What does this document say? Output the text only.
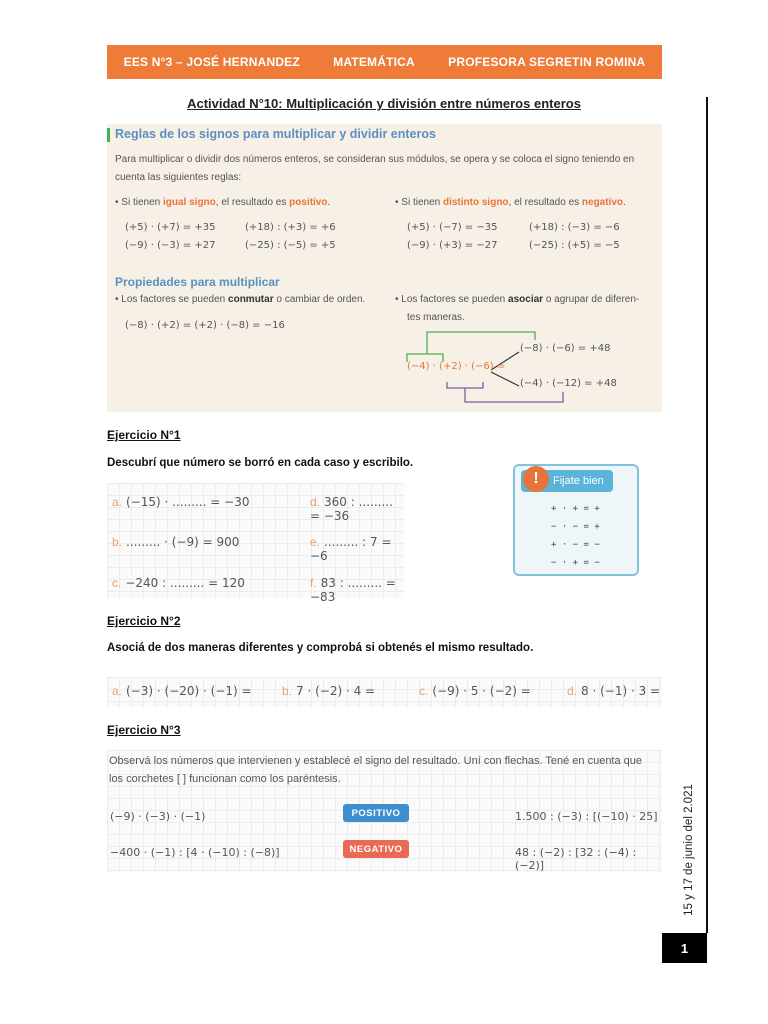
EES N°3 – JOSÉ HERNANDEZ	MATEMÁTICA	PROFESORA SEGRETIN ROMINA
Actividad N°10: Multiplicación y división entre números enteros
15 y 17 de junio del 2.021
1
Reglas de los signos para multiplicar y dividir enteros
Para multiplicar o dividir dos números enteros, se consideran sus módulos, se opera y se coloca el signo teniendo en
cuenta las siguientes reglas:
• Si tienen igual signo, el resultado es positivo.	• Si tienen distinto signo, el resultado es negativo.
(+5) · (+7) = +35	(+18) : (+3) = +6
(−9) · (−3) = +27	(−25) : (−5) = +5
(+5) · (−7) = −35	(+18) : (−3) = −6
(−9) · (+3) = −27	(−25) : (+5) = −5
Propiedades para multiplicar
• Los factores se pueden conmutar o cambiar de orden.
(−8) · (+2) = (+2) · (−8) = −16
• Los factores se pueden asociar o agrupar de diferen-
tes maneras.
(−4) · (+2) · (−6) =
(−8) · (−6) = +48
(−4) · (−12) = +48
Ejercicio N°1
Descubrí que número se borró en cada caso y escribilo.
a. (−15) · ......... = −30	d. 360 : ......... = −36
b. ......... · (−9) = 900	e. ......... : 7 = −6
c. −240 : ......... = 120	f. 83 : ......... = −83
!	Fijate bien
+ · + = +
− · − = +
+ · − = −
− · + = −
Ejercicio N°2
Asociá de dos maneras diferentes y comprobá si obtenés el mismo resultado.
a. (−3) · (−20) · (−1) =	b. 7 · (−2) · 4 =	c. (−9) · 5 · (−2) =	d. 8 · (−1) · 3 =
Ejercicio N°3
Observá los números que intervienen y establecé el signo del resultado. Uní con flechas. Tené en cuenta que
los corchetes [ ] funcionan como los paréntesis.
(−9) · (−3) · (−1)
−400 · (−1) : [4 · (−10) : (−8)]
POSITIVO
NEGATIVO
1.500 : (−3) : [(−10) · 25]
48 : (−2) : [32 : (−4) : (−2)]
